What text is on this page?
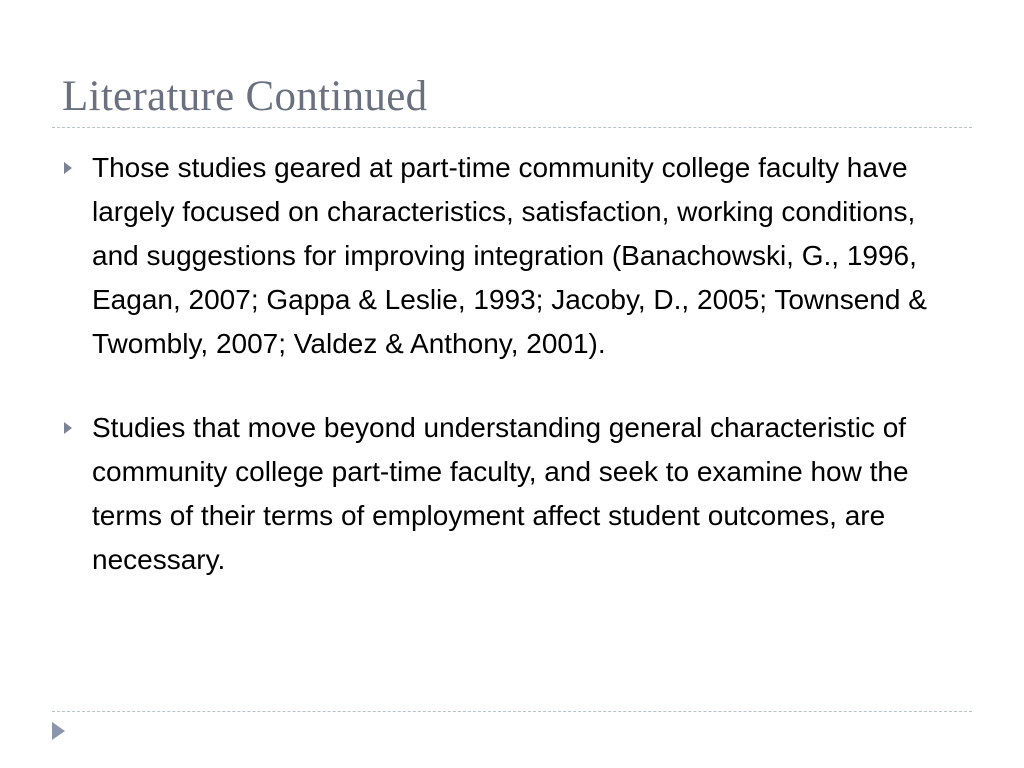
Literature Continued
Those studies geared at part-time community college faculty have largely focused on characteristics, satisfaction, working conditions, and suggestions for improving integration (Banachowski, G., 1996, Eagan, 2007; Gappa & Leslie, 1993; Jacoby, D., 2005; Townsend & Twombly, 2007; Valdez & Anthony, 2001).
Studies that move beyond understanding general characteristic of community college part-time faculty, and seek to examine how the terms of their terms of employment affect student outcomes, are necessary.
